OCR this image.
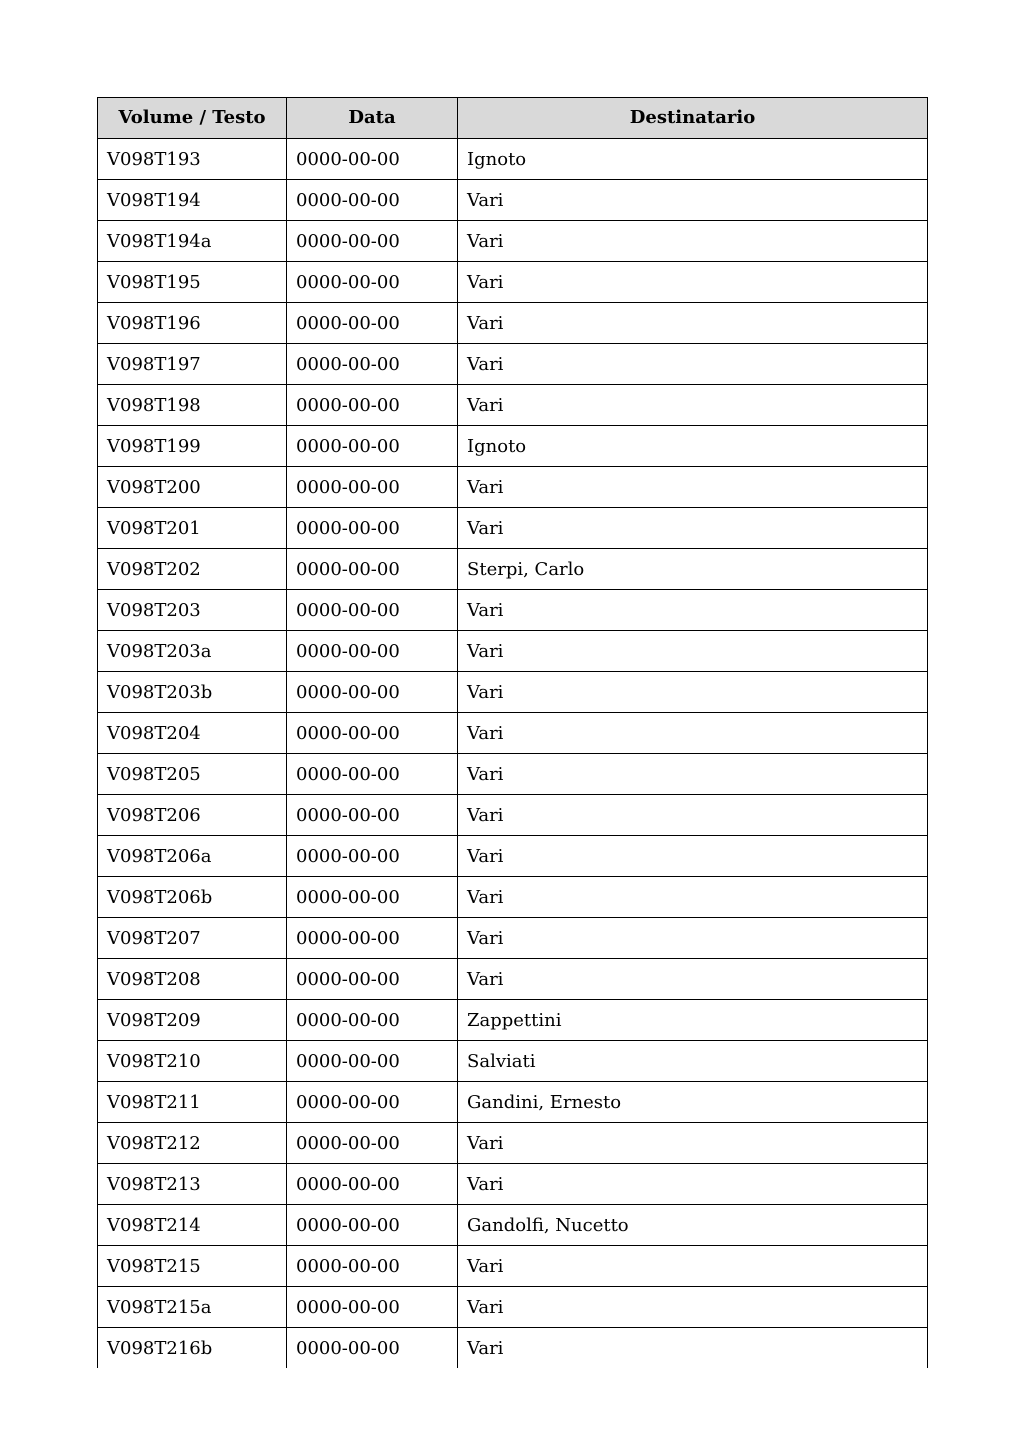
Volume / Testo	Data	Destinatario
V098T193	0000-00-00	Ignoto
V098T194	0000-00-00	Vari
V098T194a	0000-00-00	Vari
V098T195	0000-00-00	Vari
V098T196	0000-00-00	Vari
V098T197	0000-00-00	Vari
V098T198	0000-00-00	Vari
V098T199	0000-00-00	Ignoto
V098T200	0000-00-00	Vari
V098T201	0000-00-00	Vari
V098T202	0000-00-00	Sterpi, Carlo
V098T203	0000-00-00	Vari
V098T203a	0000-00-00	Vari
V098T203b	0000-00-00	Vari
V098T204	0000-00-00	Vari
V098T205	0000-00-00	Vari
V098T206	0000-00-00	Vari
V098T206a	0000-00-00	Vari
V098T206b	0000-00-00	Vari
V098T207	0000-00-00	Vari
V098T208	0000-00-00	Vari
V098T209	0000-00-00	Zappettini
V098T210	0000-00-00	Salviati
V098T211	0000-00-00	Gandini, Ernesto
V098T212	0000-00-00	Vari
V098T213	0000-00-00	Vari
V098T214	0000-00-00	Gandolfi, Nucetto
V098T215	0000-00-00	Vari
V098T215a	0000-00-00	Vari
V098T216b	0000-00-00	Vari
